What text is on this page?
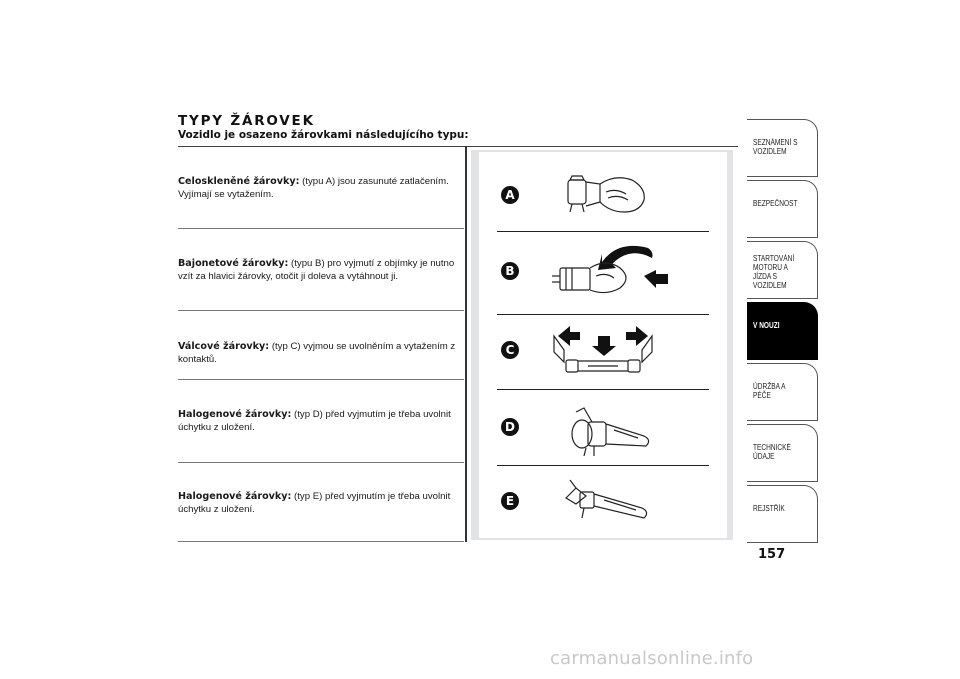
TYPY ŽÁROVEK
Vozidlo je osazeno žárovkami následujícího typu:
Celoskleněné žárovky: (typu A) jsou zasunuté zatlačením. Vyjímají se vytažením.
Bajonetové žárovky: (typu B) pro vyjmutí z objímky je nutno vzít za hlavici žárovky, otočit ji doleva a vytáhnout ji.
Válcové žárovky: (typ C) vyjmou se uvolněním a vytažením z kontaktů.
Halogenové žárovky: (typ D) před vyjmutím je třeba uvolnit úchytku z uložení.
Halogenové žárovky: (typ E) před vyjmutím je třeba uvolnit úchytku z uložení.
A
B
C
D
E
SEZNÁMENÍ S
VOZIDLEM
BEZPEČNOST
STARTOVÁNÍ
MOTORU A JÍZDA S
VOZIDLEM
V NOUZI
ÚDRŽBA A PÉČE
TECHNICKÉ ÚDAJE
REJSTŘÍK
157
carmanualsonline.info
